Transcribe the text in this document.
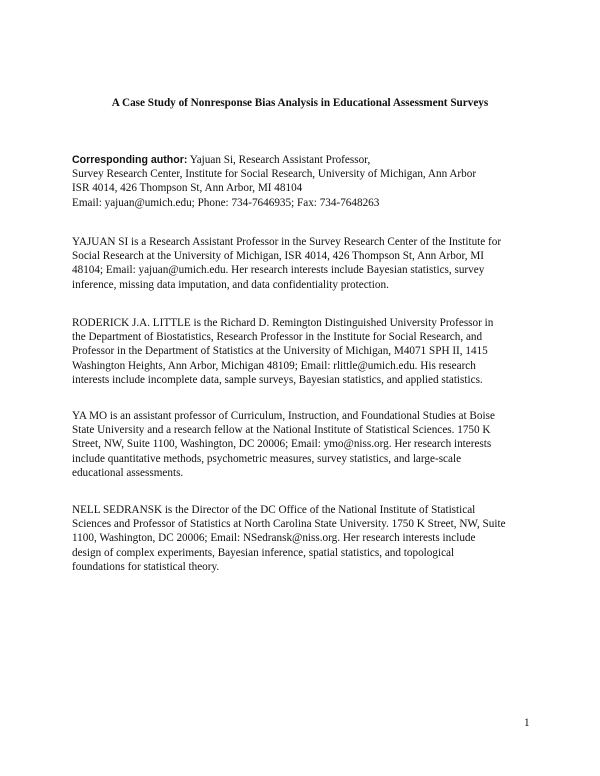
A Case Study of Nonresponse Bias Analysis in Educational Assessment Surveys
Corresponding author: Yajuan Si, Research Assistant Professor,
Survey Research Center, Institute for Social Research, University of Michigan, Ann Arbor
ISR 4014, 426 Thompson St, Ann Arbor, MI 48104
Email: yajuan@umich.edu; Phone: 734-7646935; Fax: 734-7648263
YAJUAN SI is a Research Assistant Professor in the Survey Research Center of the Institute for
Social Research at the University of Michigan, ISR 4014, 426 Thompson St, Ann Arbor, MI
48104; Email: yajuan@umich.edu. Her research interests include Bayesian statistics, survey
inference, missing data imputation, and data confidentiality protection.
RODERICK J.A. LITTLE is the Richard D. Remington Distinguished University Professor in
the Department of Biostatistics, Research Professor in the Institute for Social Research, and
Professor in the Department of Statistics at the University of Michigan, M4071 SPH II, 1415
Washington Heights, Ann Arbor, Michigan 48109; Email: rlittle@umich.edu. His research
interests include incomplete data, sample surveys, Bayesian statistics, and applied statistics.
YA MO is an assistant professor of Curriculum, Instruction, and Foundational Studies at Boise
State University and a research fellow at the National Institute of Statistical Sciences. 1750 K
Street, NW, Suite 1100, Washington, DC 20006; Email: ymo@niss.org. Her research interests
include quantitative methods, psychometric measures, survey statistics, and large-scale
educational assessments.
NELL SEDRANSK is the Director of the DC Office of the National Institute of Statistical
Sciences and Professor of Statistics at North Carolina State University. 1750 K Street, NW, Suite
1100, Washington, DC 20006; Email: NSedransk@niss.org. Her research interests include
design of complex experiments, Bayesian inference, spatial statistics, and topological
foundations for statistical theory.
1
